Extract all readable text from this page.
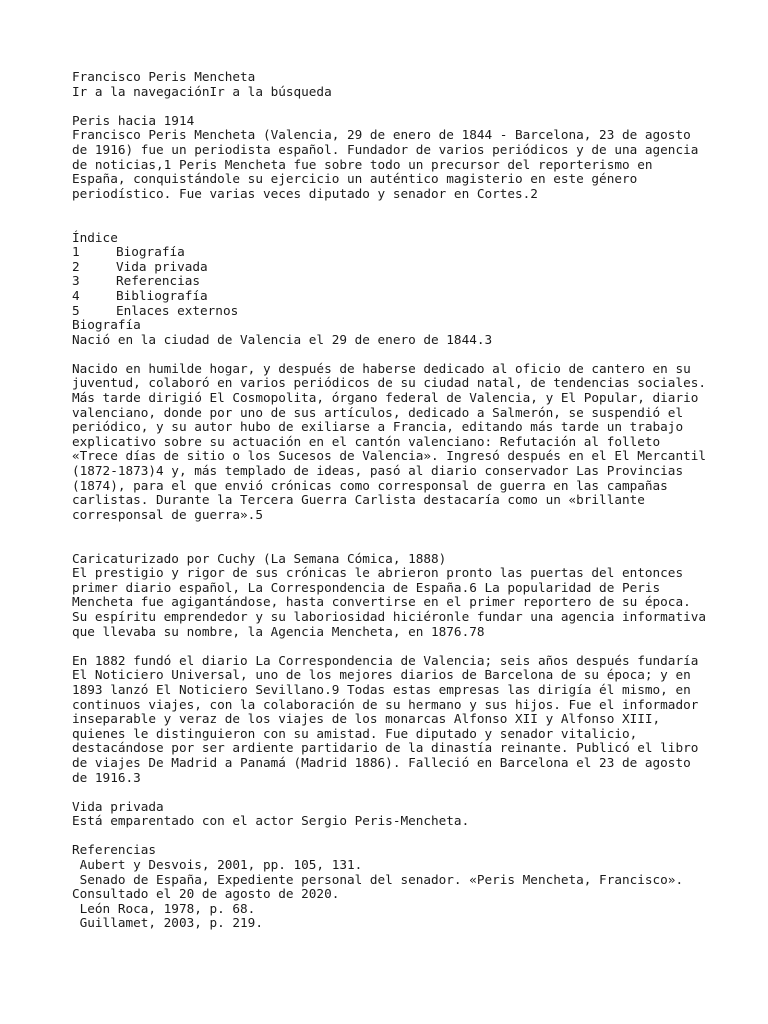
Francisco Peris Mencheta
Ir a la navegaciónIr a la búsqueda
Peris hacia 1914
Francisco Peris Mencheta (Valencia, 29 de enero de 1844 - Barcelona, 23 de agosto
de 1916) fue un periodista español. Fundador de varios periódicos y de una agencia
de noticias,1 Peris Mencheta fue sobre todo un precursor del reporterismo en
España, conquistándole su ejercicio un auténtico magisterio en este género
periodístico. Fue varias veces diputado y senador en Cortes.2
Índice
1	Biografía
2	Vida privada
3	Referencias
4	Bibliografía
5	Enlaces externos
Biografía
Nació en la ciudad de Valencia el 29 de enero de 1844.3
Nacido en humilde hogar, y después de haberse dedicado al oficio de cantero en su
juventud, colaboró en varios periódicos de su ciudad natal, de tendencias sociales.
Más tarde dirigió El Cosmopolita, órgano federal de Valencia, y El Popular, diario
valenciano, donde por uno de sus artículos, dedicado a Salmerón, se suspendió el
periódico, y su autor hubo de exiliarse a Francia, editando más tarde un trabajo
explicativo sobre su actuación en el cantón valenciano: Refutación al folleto
«Trece días de sitio o los Sucesos de Valencia». Ingresó después en el El Mercantil
(1872-1873)4 y, más templado de ideas, pasó al diario conservador Las Provincias
(1874), para el que envió crónicas como corresponsal de guerra en las campañas
carlistas. Durante la Tercera Guerra Carlista destacaría como un «brillante
corresponsal de guerra».5
Caricaturizado por Cuchy (La Semana Cómica, 1888)
El prestigio y rigor de sus crónicas le abrieron pronto las puertas del entonces
primer diario español, La Correspondencia de España.6 La popularidad de Peris
Mencheta fue agigantándose, hasta convertirse en el primer reportero de su época.
Su espíritu emprendedor y su laboriosidad hiciéronle fundar una agencia informativa
que llevaba su nombre, la Agencia Mencheta, en 1876.78
En 1882 fundó el diario La Correspondencia de Valencia; seis años después fundaría
El Noticiero Universal, uno de los mejores diarios de Barcelona de su época; y en
1893 lanzó El Noticiero Sevillano.9 Todas estas empresas las dirigía él mismo, en
continuos viajes, con la colaboración de su hermano y sus hijos. Fue el informador
inseparable y veraz de los viajes de los monarcas Alfonso XII y Alfonso XIII,
quienes le distinguieron con su amistad. Fue diputado y senador vitalicio,
destacándose por ser ardiente partidario de la dinastía reinante. Publicó el libro
de viajes De Madrid a Panamá (Madrid 1886). Falleció en Barcelona el 23 de agosto
de 1916.3
Vida privada
Está emparentado con el actor Sergio Peris-Mencheta.
Referencias
Aubert y Desvois, 2001, pp. 105, 131.
Senado de España, Expediente personal del senador. «Peris Mencheta, Francisco».
Consultado el 20 de agosto de 2020.
León Roca, 1978, p. 68.
Guillamet, 2003, p. 219.
